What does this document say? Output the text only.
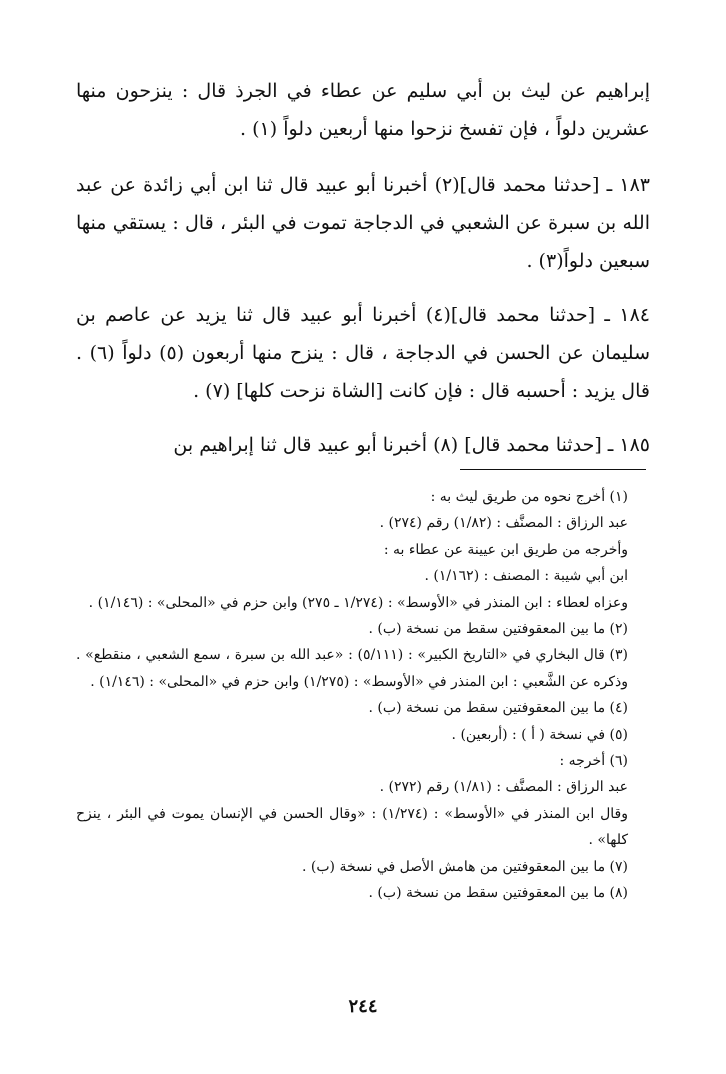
إبراهيم عن ليث بن أبي سليم عن عطاء في الجرذ قال : ينزحون منها عشرين دلواً ، فإن تفسخ نزحوا منها أربعين دلواً (١) .

١٨٣ ـ [حدثنا محمد قال](٢) أخبرنا أبو عبيد قال ثنا ابن أبي زائدة عن عبد الله بن سبرة عن الشعبي في الدجاجة تموت في البئر ، قال : يستقي منها سبعين دلواً(٣) .

١٨٤ ـ [حدثنا محمد قال](٤) أخبرنا أبو عبيد قال ثنا يزيد عن عاصم بن سليمان عن الحسن في الدجاجة ، قال : ينزح منها أربعون (٥) دلواً (٦) . قال يزيد : أحسبه قال : فإن كانت [الشاة نزحت كلها] (٧) .

١٨٥ ـ [حدثنا محمد قال] (٨) أخبرنا أبو عبيد قال ثنا إبراهيم بن

(١) أخرج نحوه من طريق ليث به :

عبد الرزاق : المصنَّف : (١/٨٢) رقم (٢٧٤) .

وأخرجه من طريق ابن عيينة عن عطاء به :

ابن أبي شيبة : المصنف : (١/١٦٢) .

وعزاه لعطاء : ابن المنذر في «الأوسط» : (١/٢٧٤ ـ ٢٧٥) وابن حزم في «المحلى» : (١/١٤٦) .

(٢) ما بين المعقوفتين سقط من نسخة (ب) .

(٣) قال البخاري في «التاريخ الكبير» : (٥/١١١) : «عبد الله بن سبرة ، سمع الشعبي ، منقطع» . وذكره عن الشَّعبي : ابن المنذر في «الأوسط» : (١/٢٧٥) وابن حزم في «المحلى» : (١/١٤٦) .

(٤) ما بين المعقوفتين سقط من نسخة (ب) .

(٥) في نسخة ( أ ) : (أربعين) .

(٦) أخرجه :

عبد الرزاق : المصنَّف : (١/٨١) رقم (٢٧٢) .

وقال ابن المنذر في «الأوسط» : (١/٢٧٤) : «وقال الحسن في الإنسان يموت في البئر ، ينزح كلها» .

(٧) ما بين المعقوفتين من هامش الأصل في نسخة (ب) .

(٨) ما بين المعقوفتين سقط من نسخة (ب) .

٢٤٤
